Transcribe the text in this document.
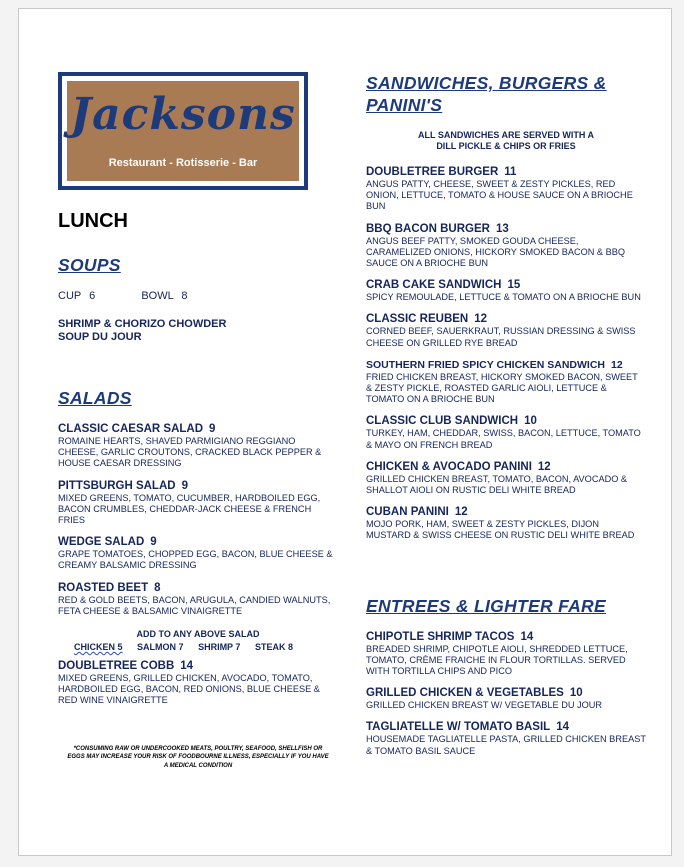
Jacksons
Restaurant - Rotisserie - Bar
LUNCH
SOUPS
CUP 6	BOWL 8
SHRIMP & CHORIZO CHOWDER
SOUP DU JOUR
SALADS
CLASSIC CAESAR SALAD 9
ROMAINE HEARTS, SHAVED PARMIGIANO REGGIANO CHEESE, GARLIC CROUTONS, CRACKED BLACK PEPPER & HOUSE CAESAR DRESSING
PITTSBURGH SALAD 9
MIXED GREENS, TOMATO, CUCUMBER, HARDBOILED EGG, BACON CRUMBLES, CHEDDAR-JACK CHEESE & FRENCH FRIES
WEDGE SALAD 9
GRAPE TOMATOES, CHOPPED EGG, BACON, BLUE CHEESE & CREAMY BALSAMIC DRESSING
ROASTED BEET 8
RED & GOLD BEETS, BACON, ARUGULA, CANDIED WALNUTS, FETA CHEESE & BALSAMIC VINAIGRETTE
ADD TO ANY ABOVE SALAD
CHICKEN 5 SALMON 7 SHRIMP 7 STEAK 8
DOUBLETREE COBB 14
MIXED GREENS, GRILLED CHICKEN, AVOCADO, TOMATO, HARDBOILED EGG, BACON, RED ONIONS, BLUE CHEESE & RED WINE VINAIGRETTE
*CONSUMING RAW OR UNDERCOOKED MEATS, POULTRY, SEAFOOD, SHELLFISH OR EGGS MAY INCREASE YOUR RISK OF FOODBOURNE ILLNESS, ESPECIALLY IF YOU HAVE A MEDICAL CONDITION
SANDWICHES, BURGERS &
PANINI'S
ALL SANDWICHES ARE SERVED WITH A
DILL PICKLE & CHIPS OR FRIES
DOUBLETREE BURGER 11
ANGUS PATTY, CHEESE, SWEET & ZESTY PICKLES, RED ONION, LETTUCE, TOMATO & HOUSE SAUCE ON A BRIOCHE BUN
BBQ BACON BURGER 13
ANGUS BEEF PATTY, SMOKED GOUDA CHEESE, CARAMELIZED ONIONS, HICKORY SMOKED BACON & BBQ SAUCE ON A BRIOCHE BUN
CRAB CAKE SANDWICH 15
SPICY REMOULADE, LETTUCE & TOMATO ON A BRIOCHE BUN
CLASSIC REUBEN 12
CORNED BEEF, SAUERKRAUT, RUSSIAN DRESSING & SWISS CHEESE ON GRILLED RYE BREAD
SOUTHERN FRIED SPICY CHICKEN SANDWICH 12
FRIED CHICKEN BREAST, HICKORY SMOKED BACON, SWEET & ZESTY PICKLE, ROASTED GARLIC AIOLI, LETTUCE & TOMATO ON A BRIOCHE BUN
CLASSIC CLUB SANDWICH 10
TURKEY, HAM, CHEDDAR, SWISS, BACON, LETTUCE, TOMATO & MAYO ON FRENCH BREAD
CHICKEN & AVOCADO PANINI 12
GRILLED CHICKEN BREAST, TOMATO, BACON, AVOCADO & SHALLOT AIOLI ON RUSTIC DELI WHITE BREAD
CUBAN PANINI 12
MOJO PORK, HAM, SWEET & ZESTY PICKLES, DIJON MUSTARD & SWISS CHEESE ON RUSTIC DELI WHITE BREAD
ENTREES & LIGHTER FARE
CHIPOTLE SHRIMP TACOS 14
BREADED SHRIMP, CHIPOTLE AIOLI, SHREDDED LETTUCE, TOMATO, CRÈME FRAICHE IN FLOUR TORTILLAS. SERVED WITH TORTILLA CHIPS AND PICO
GRILLED CHICKEN & VEGETABLES 10
GRILLED CHICKEN BREAST W/ VEGETABLE DU JOUR
TAGLIATELLE W/ TOMATO BASIL 14
HOUSEMADE TAGLIATELLE PASTA, GRILLED CHICKEN BREAST & TOMATO BASIL SAUCE
